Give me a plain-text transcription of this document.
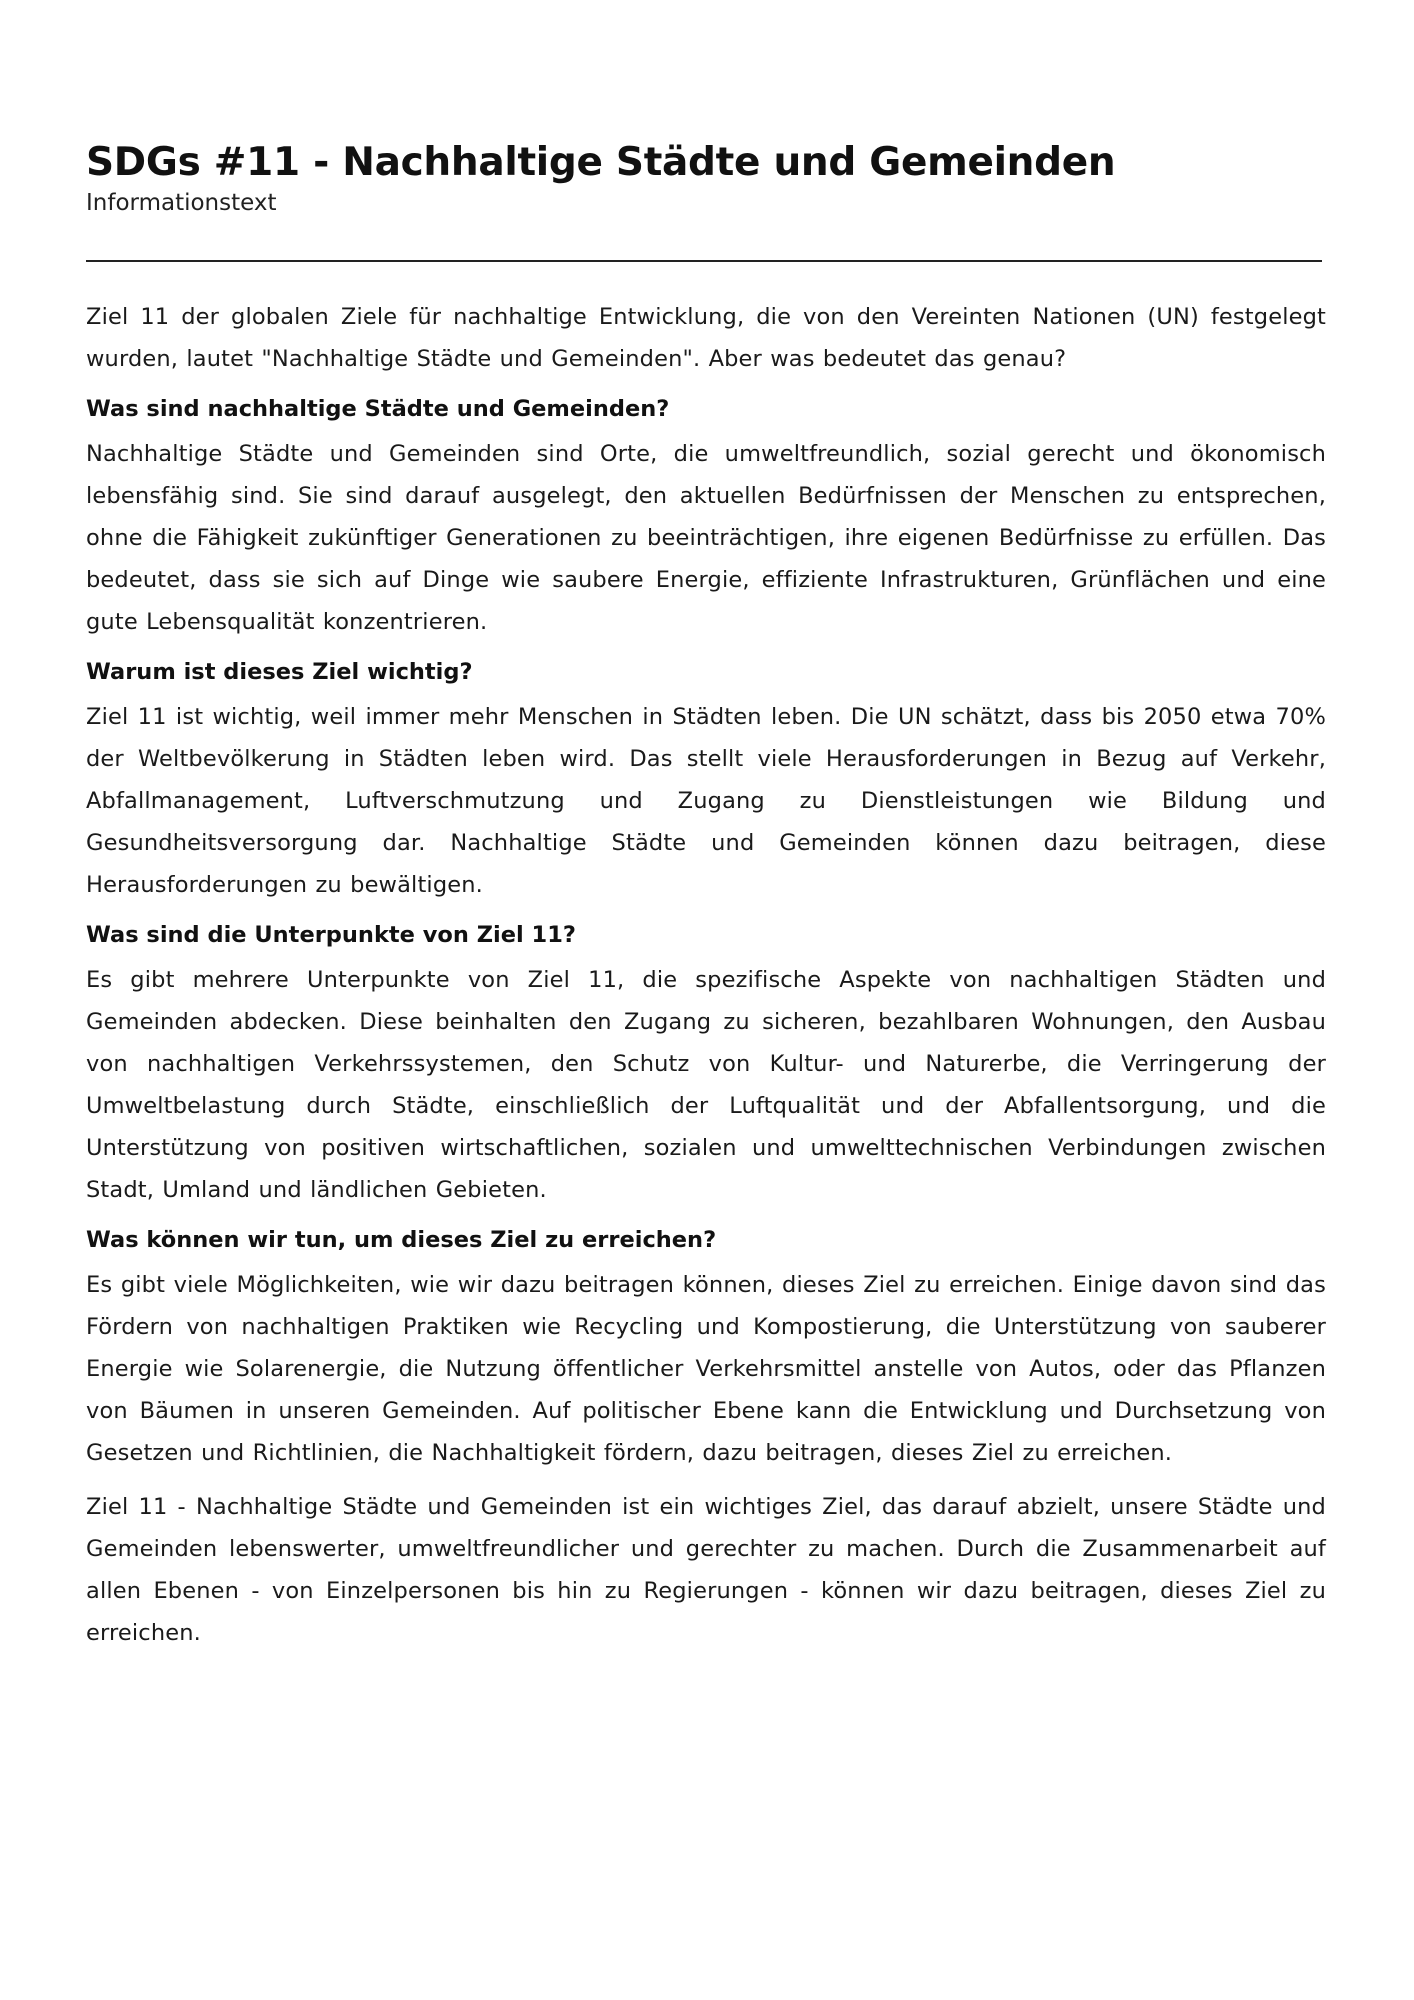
SDGs #11 - Nachhaltige Städte und Gemeinden

Informationstext

Ziel 11 der globalen Ziele für nachhaltige Entwicklung, die von den Vereinten Nationen (UN) festgelegt wurden, lautet "Nachhaltige Städte und Gemeinden". Aber was bedeutet das genau?

Was sind nachhaltige Städte und Gemeinden?

Nachhaltige Städte und Gemeinden sind Orte, die umweltfreundlich, sozial gerecht und ökonomisch lebensfähig sind. Sie sind darauf ausgelegt, den aktuellen Bedürfnissen der Menschen zu entsprechen, ohne die Fähigkeit zukünftiger Generationen zu beeinträchtigen, ihre eigenen Bedürfnisse zu erfüllen. Das bedeutet, dass sie sich auf Dinge wie saubere Energie, effiziente Infrastrukturen, Grünflächen und eine gute Lebensqualität konzentrieren.

Warum ist dieses Ziel wichtig?

Ziel 11 ist wichtig, weil immer mehr Menschen in Städten leben. Die UN schätzt, dass bis 2050 etwa 70% der Weltbevölkerung in Städten leben wird. Das stellt viele Herausforderungen in Bezug auf Verkehr, Abfallmanagement, Luftverschmutzung und Zugang zu Dienstleistungen wie Bildung und Gesundheitsversorgung dar. Nachhaltige Städte und Gemeinden können dazu beitragen, diese Herausforderungen zu bewältigen.

Was sind die Unterpunkte von Ziel 11?

Es gibt mehrere Unterpunkte von Ziel 11, die spezifische Aspekte von nachhaltigen Städten und Gemeinden abdecken. Diese beinhalten den Zugang zu sicheren, bezahlbaren Wohnungen, den Ausbau von nachhaltigen Verkehrssystemen, den Schutz von Kultur- und Naturerbe, die Verringerung der Umweltbelastung durch Städte, einschließlich der Luftqualität und der Abfallentsorgung, und die Unterstützung von positiven wirtschaftlichen, sozialen und umwelttechnischen Verbindungen zwischen Stadt, Umland und ländlichen Gebieten.

Was können wir tun, um dieses Ziel zu erreichen?

Es gibt viele Möglichkeiten, wie wir dazu beitragen können, dieses Ziel zu erreichen. Einige davon sind das Fördern von nachhaltigen Praktiken wie Recycling und Kompostierung, die Unterstützung von sauberer Energie wie Solarenergie, die Nutzung öffentlicher Verkehrsmittel anstelle von Autos, oder das Pflanzen von Bäumen in unseren Gemeinden. Auf politischer Ebene kann die Entwicklung und Durchsetzung von Gesetzen und Richtlinien, die Nachhaltigkeit fördern, dazu beitragen, dieses Ziel zu erreichen.

Ziel 11 - Nachhaltige Städte und Gemeinden ist ein wichtiges Ziel, das darauf abzielt, unsere Städte und Gemeinden lebenswerter, umweltfreundlicher und gerechter zu machen. Durch die Zusammenarbeit auf allen Ebenen - von Einzelpersonen bis hin zu Regierungen - können wir dazu beitragen, dieses Ziel zu erreichen.
